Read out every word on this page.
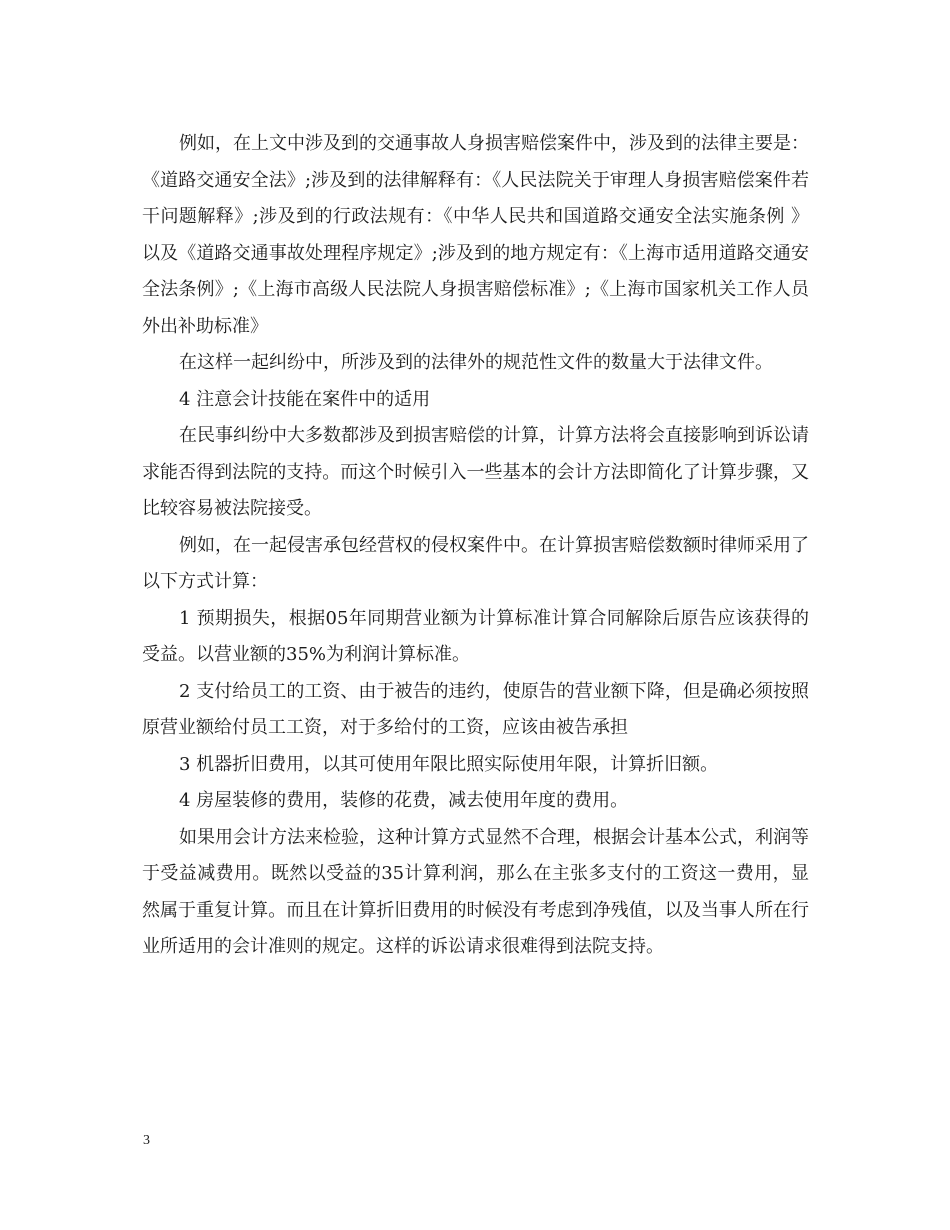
例如，在上文中涉及到的交通事故人身损害赔偿案件中，涉及到的法律主要是：《道路交通安全法》;涉及到的法律解释有：《人民法院关于审理人身损害赔偿案件若干问题解释》;涉及到的行政法规有：《中华人民共和国道路交通安全法实施条例 》以及《道路交通事故处理程序规定》;涉及到的地方规定有：《上海市适用道路交通安全法条例》;《上海市高级人民法院人身损害赔偿标准》;《上海市国家机关工作人员外出补助标准》

在这样一起纠纷中，所涉及到的法律外的规范性文件的数量大于法律文件。

4 注意会计技能在案件中的适用

在民事纠纷中大多数都涉及到损害赔偿的计算，计算方法将会直接影响到诉讼请求能否得到法院的支持。而这个时候引入一些基本的会计方法即简化了计算步骤，又比较容易被法院接受。

例如，在一起侵害承包经营权的侵权案件中。在计算损害赔偿数额时律师采用了以下方式计算：

1 预期损失，根据05年同期营业额为计算标准计算合同解除后原告应该获得的受益。以营业额的35%为利润计算标准。

2 支付给员工的工资、由于被告的违约，使原告的营业额下降，但是确必须按照原营业额给付员工工资，对于多给付的工资，应该由被告承担

3 机器折旧费用，以其可使用年限比照实际使用年限，计算折旧额。

4 房屋装修的费用，装修的花费，减去使用年度的费用。

如果用会计方法来检验，这种计算方式显然不合理，根据会计基本公式，利润等于受益减费用。既然以受益的35计算利润，那么在主张多支付的工资这一费用，显然属于重复计算。而且在计算折旧费用的时候没有考虑到净残值，以及当事人所在行业所适用的会计准则的规定。这样的诉讼请求很难得到法院支持。

3
